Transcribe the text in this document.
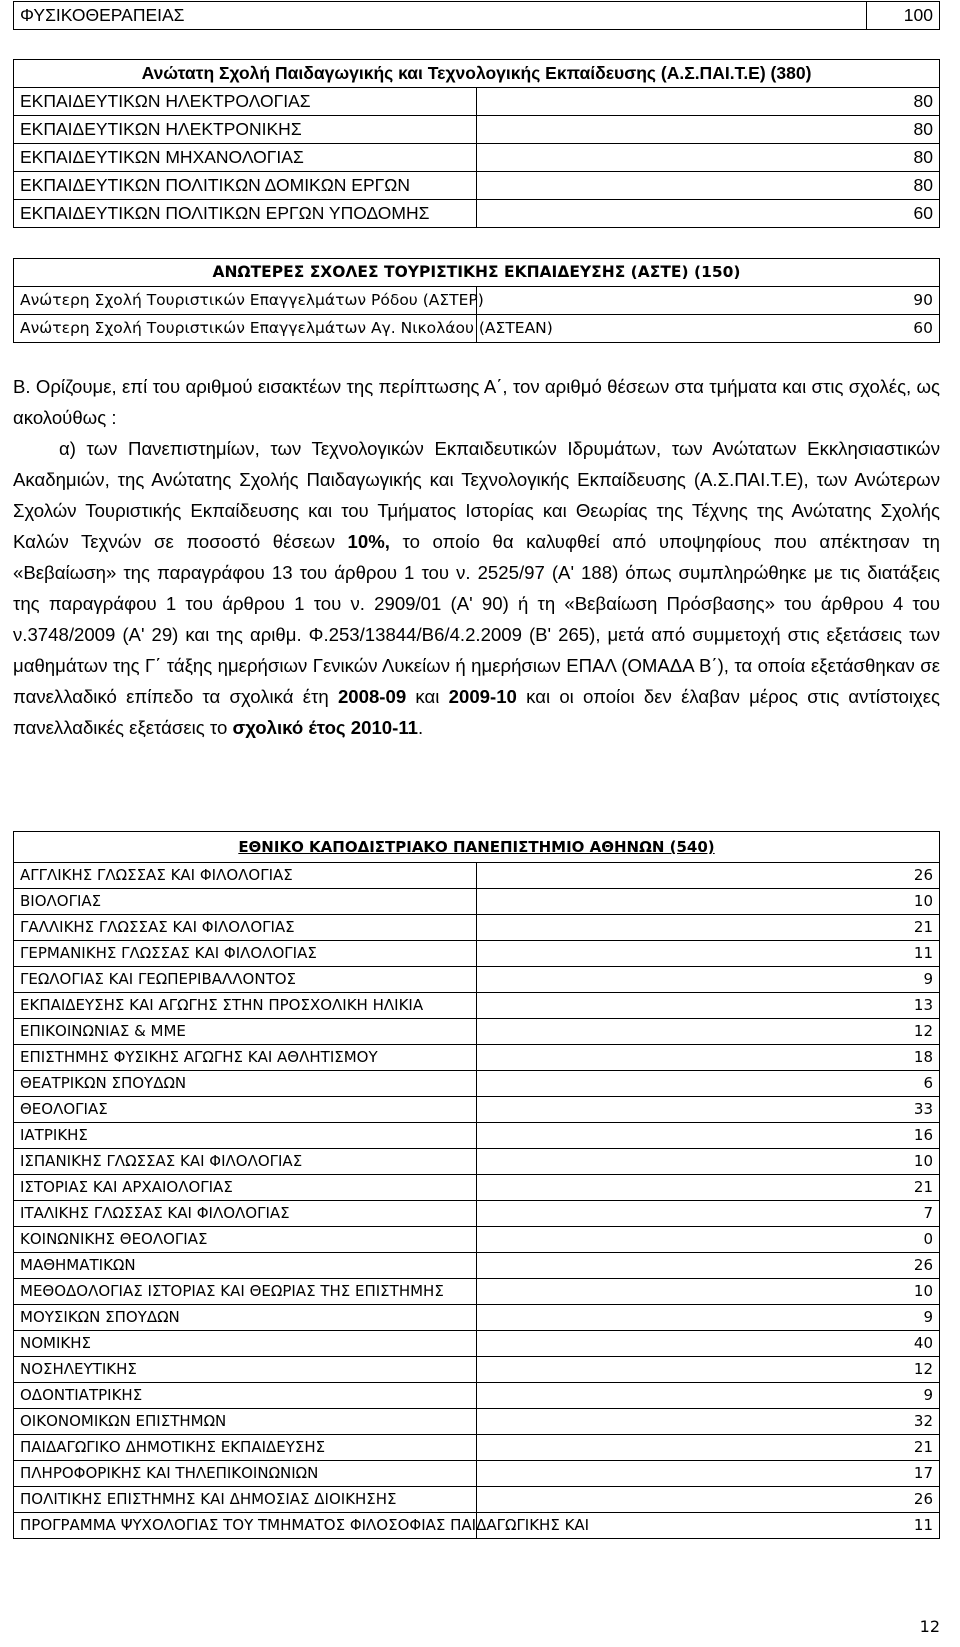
ΦΥΣΙΚΟΘΕΡΑΠΕΙΑΣ	100
Ανώτατη Σχολή Παιδαγωγικής και Τεχνολογικής Εκπαίδευσης (Α.Σ.ΠΑΙ.Τ.Ε) (380)	
ΕΚΠΑΙΔΕΥΤΙΚΩΝ ΗΛΕΚΤΡΟΛΟΓΙΑΣ	80
ΕΚΠΑΙΔΕΥΤΙΚΩΝ ΗΛΕΚΤΡΟΝΙΚΗΣ	80
ΕΚΠΑΙΔΕΥΤΙΚΩΝ ΜΗΧΑΝΟΛΟΓΙΑΣ	80
ΕΚΠΑΙΔΕΥΤΙΚΩΝ ΠΟΛΙΤΙΚΩΝ ΔΟΜΙΚΩΝ ΕΡΓΩΝ	80
ΕΚΠΑΙΔΕΥΤΙΚΩΝ ΠΟΛΙΤΙΚΩΝ ΕΡΓΩΝ ΥΠΟΔΟΜΗΣ	60
ΑΝΩΤΕΡΕΣ ΣΧΟΛΕΣ ΤΟΥΡΙΣΤΙΚΗΣ ΕΚΠΑΙΔΕΥΣΗΣ (ΑΣΤΕ) (150)	
Ανώτερη Σχολή Τουριστικών Επαγγελμάτων Ρόδου (ΑΣΤΕΡ)	90
Ανώτερη Σχολή Τουριστικών Επαγγελμάτων Αγ. Νικολάου (ΑΣΤΕΑΝ)	60

Β. Ορίζουμε, επί του αριθμού εισακτέων της περίπτωσης Α΄, τον αριθμό θέσεων στα τμήματα και στις σχολές, ως ακολούθως :

α) των Πανεπιστημίων, των Τεχνολογικών Εκπαιδευτικών Ιδρυμάτων, των Ανώτατων Εκκλησιαστικών Ακαδημιών, της Ανώτατης Σχολής Παιδαγωγικής και Τεχνολογικής Εκπαίδευσης (Α.Σ.ΠΑΙ.Τ.Ε), των Ανώτερων Σχολών Τουριστικής Εκπαίδευσης και του Τμήματος Ιστορίας και Θεωρίας της Τέχνης της Ανώτατης Σχολής Καλών Τεχνών σε ποσοστό θέσεων 10%, το οποίο θα καλυφθεί από υποψηφίους που απέκτησαν τη «Βεβαίωση» της παραγράφου 13 του άρθρου 1 του ν. 2525/97 (Α' 188) όπως συμπληρώθηκε με τις διατάξεις της παραγράφου 1 του άρθρου 1 του ν. 2909/01 (Α' 90) ή τη «Βεβαίωση Πρόσβασης» του άρθρου 4 του ν.3748/2009 (Α' 29) και της αριθμ. Φ.253/13844/Β6/4.2.2009 (Β' 265), μετά από συμμετοχή στις εξετάσεις των μαθημάτων της Γ΄ τάξης ημερήσιων Γενικών Λυκείων ή ημερήσιων ΕΠΑΛ (ΟΜΑΔΑ Β΄), τα οποία εξετάσθηκαν σε πανελλαδικό επίπεδο τα σχολικά έτη 2008-09 και 2009-10 και οι οποίοι δεν έλαβαν μέρος στις αντίστοιχες πανελλαδικές εξετάσεις το σχολικό έτος 2010-11.

ΕΘΝΙΚΟ ΚΑΠΟΔΙΣΤΡΙΑΚΟ ΠΑΝΕΠΙΣΤΗΜΙΟ ΑΘΗΝΩΝ (540)	
ΑΓΓΛΙΚΗΣ ΓΛΩΣΣΑΣ ΚΑΙ ΦΙΛΟΛΟΓΙΑΣ	26
ΒΙΟΛΟΓΙΑΣ	10
ΓΑΛΛΙΚΗΣ ΓΛΩΣΣΑΣ ΚΑΙ ΦΙΛΟΛΟΓΙΑΣ	21
ΓΕΡΜΑΝΙΚΗΣ ΓΛΩΣΣΑΣ ΚΑΙ ΦΙΛΟΛΟΓΙΑΣ	11
ΓΕΩΛΟΓΙΑΣ ΚΑΙ ΓΕΩΠΕΡΙΒΑΛΛΟΝΤΟΣ	9
ΕΚΠΑΙΔΕΥΣΗΣ ΚΑΙ ΑΓΩΓΗΣ ΣΤΗΝ ΠΡΟΣΧΟΛΙΚΗ ΗΛΙΚΙΑ	13
ΕΠΙΚΟΙΝΩΝΙΑΣ & ΜΜΕ	12
ΕΠΙΣΤΗΜΗΣ ΦΥΣΙΚΗΣ ΑΓΩΓΗΣ ΚΑΙ ΑΘΛΗΤΙΣΜΟΥ	18
ΘΕΑΤΡΙΚΩΝ ΣΠΟΥΔΩΝ	6
ΘΕΟΛΟΓΙΑΣ	33
ΙΑΤΡΙΚΗΣ	16
ΙΣΠΑΝΙΚΗΣ ΓΛΩΣΣΑΣ ΚΑΙ ΦΙΛΟΛΟΓΙΑΣ	10
ΙΣΤΟΡΙΑΣ ΚΑΙ ΑΡΧΑΙΟΛΟΓΙΑΣ	21
ΙΤΑΛΙΚΗΣ ΓΛΩΣΣΑΣ ΚΑΙ ΦΙΛΟΛΟΓΙΑΣ	7
ΚΟΙΝΩΝΙΚΗΣ ΘΕΟΛΟΓΙΑΣ	0
ΜΑΘΗΜΑΤΙΚΩΝ	26
ΜΕΘΟΔΟΛΟΓΙΑΣ ΙΣΤΟΡΙΑΣ ΚΑΙ ΘΕΩΡΙΑΣ ΤΗΣ ΕΠΙΣΤΗΜΗΣ	10
ΜΟΥΣΙΚΩΝ ΣΠΟΥΔΩΝ	9
ΝΟΜΙΚΗΣ	40
ΝΟΣΗΛΕΥΤΙΚΗΣ	12
ΟΔΟΝΤΙΑΤΡΙΚΗΣ	9
ΟΙΚΟΝΟΜΙΚΩΝ ΕΠΙΣΤΗΜΩΝ	32
ΠΑΙΔΑΓΩΓΙΚΟ ΔΗΜΟΤΙΚΗΣ ΕΚΠΑΙΔΕΥΣΗΣ	21
ΠΛΗΡΟΦΟΡΙΚΗΣ ΚΑΙ ΤΗΛΕΠΙΚΟΙΝΩΝΙΩΝ	17
ΠΟΛΙΤΙΚΗΣ ΕΠΙΣΤΗΜΗΣ ΚΑΙ ΔΗΜΟΣΙΑΣ ΔΙΟΙΚΗΣΗΣ	26
ΠΡΟΓΡΑΜΜΑ ΨΥΧΟΛΟΓΙΑΣ ΤΟΥ ΤΜΗΜΑΤΟΣ ΦΙΛΟΣΟΦΙΑΣ ΠΑΙΔΑΓΩΓΙΚΗΣ ΚΑΙ	11
12
